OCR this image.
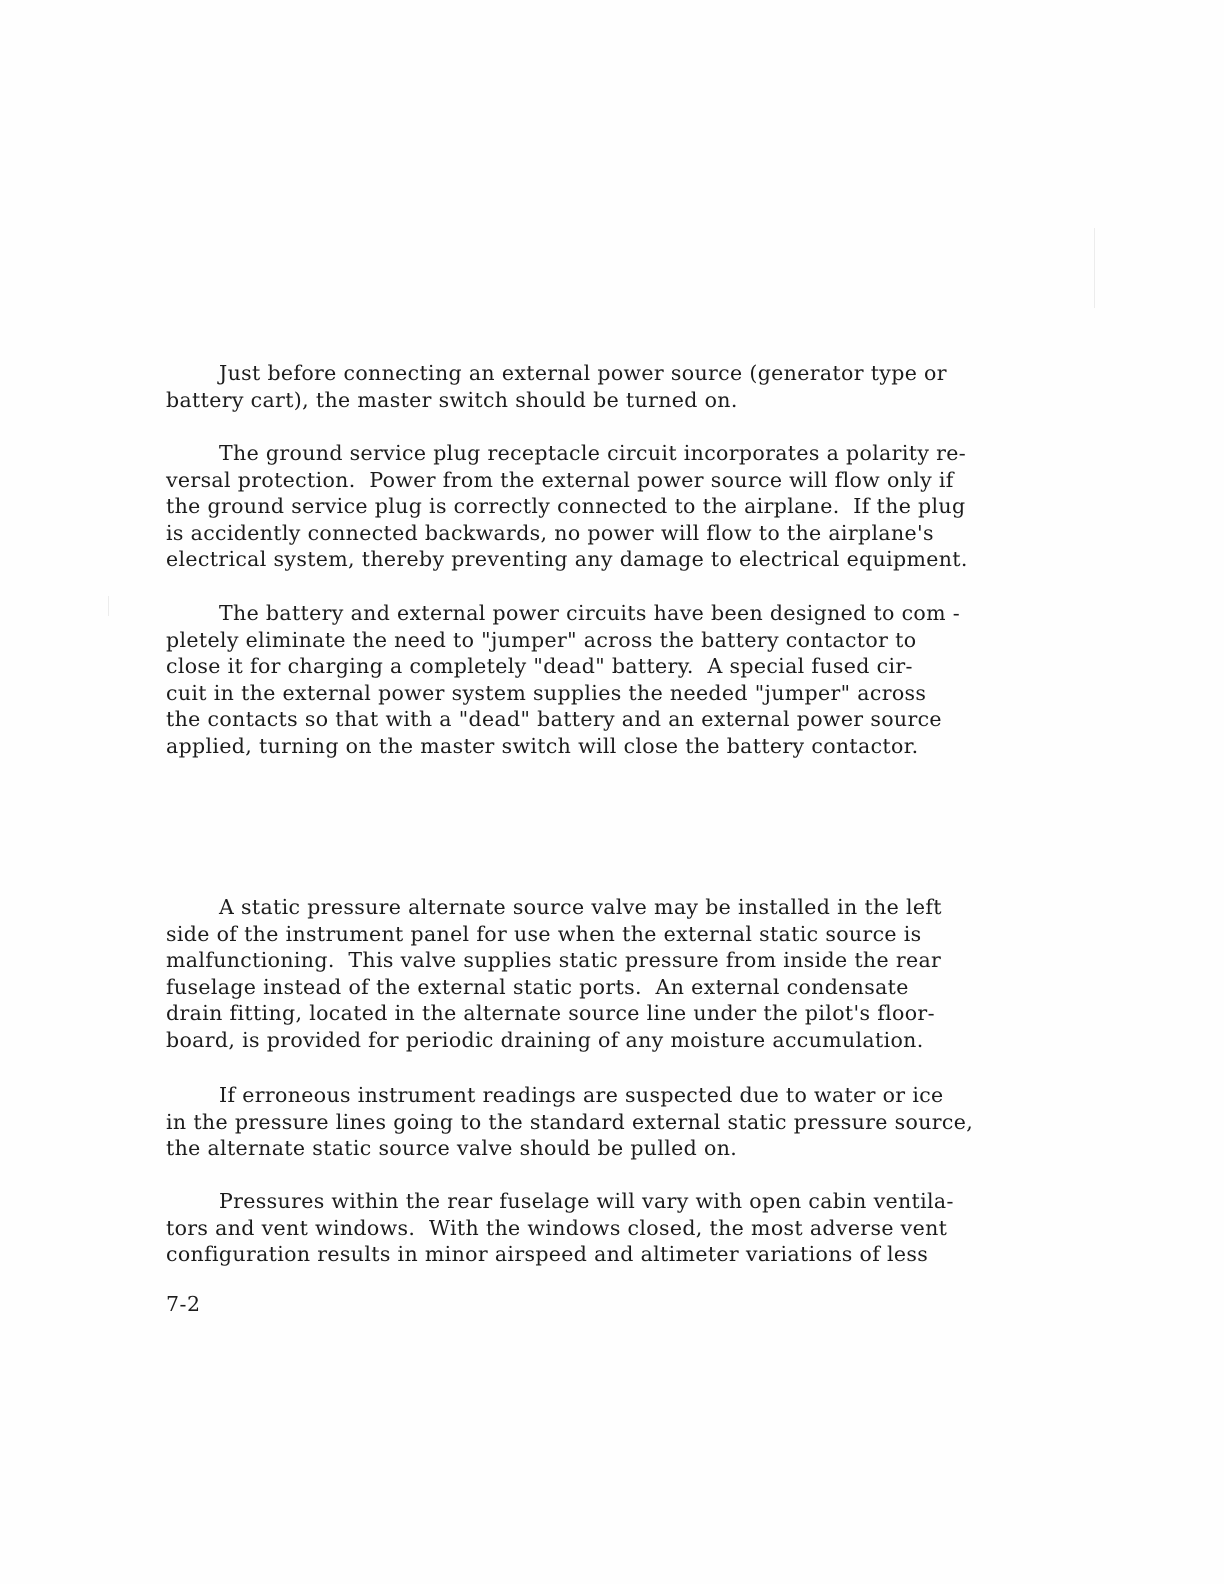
Just before connecting an external power source (generator type or
battery cart), the master switch should be turned on.

The ground service plug receptacle circuit incorporates a polarity re-
versal protection.  Power from the external power source will flow only if
the ground service plug is correctly connected to the airplane.  If the plug
is accidently connected backwards, no power will flow to the airplane's
electrical system, thereby preventing any damage to electrical equipment.

The battery and external power circuits have been designed to com -
pletely eliminate the need to "jumper" across the battery contactor to
close it for charging a completely "dead" battery.  A special fused cir-
cuit in the external power system supplies the needed "jumper" across
the contacts so that with a "dead" battery and an external power source
applied, turning on the master switch will close the battery contactor.

A static pressure alternate source valve may be installed in the left
side of the instrument panel for use when the external static source is
malfunctioning.  This valve supplies static pressure from inside the rear
fuselage instead of the external static ports.  An external condensate
drain fitting, located in the alternate source line under the pilot's floor-
board, is provided for periodic draining of any moisture accumulation.

If erroneous instrument readings are suspected due to water or ice
in the pressure lines going to the standard external static pressure source,
the alternate static source valve should be pulled on.

Pressures within the rear fuselage will vary with open cabin ventila-
tors and vent windows.  With the windows closed, the most adverse vent
configuration results in minor airspeed and altimeter variations of less

7-2
